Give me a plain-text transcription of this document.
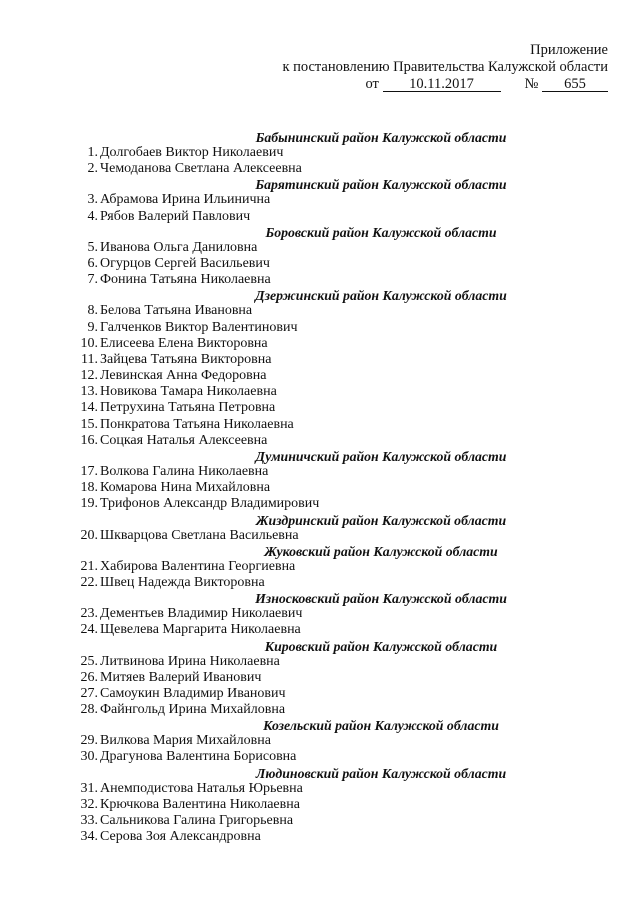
Приложение
к постановлению Правительства Калужской области
от 10.11.2017	№ 655
Бабынинский район Калужской области
1. Долгобаев Виктор Николаевич
2. Чемоданова Светлана Алексеевна
Барятинский район Калужской области
3. Абрамова Ирина Ильинична
4. Рябов Валерий Павлович
Боровский район Калужской области
5. Иванова Ольга Даниловна
6. Огурцов Сергей Васильевич
7. Фонина Татьяна Николаевна
Дзержинский район Калужской области
8. Белова Татьяна Ивановна
9. Галченков Виктор Валентинович
10. Елисеева Елена Викторовна
11. Зайцева Татьяна Викторовна
12. Левинская Анна Федоровна
13. Новикова Тамара Николаевна
14. Петрухина Татьяна Петровна
15. Понкратова Татьяна Николаевна
16. Соцкая Наталья Алексеевна
Думиничский район Калужской области
17. Волкова Галина Николаевна
18. Комарова Нина Михайловна
19. Трифонов Александр Владимирович
Жиздринский район Калужской области
20. Шкварцова Светлана Васильевна
Жуковский район Калужской области
21. Хабирова Валентина Георгиевна
22. Швец Надежда Викторовна
Износковский район Калужской области
23. Дементьев Владимир Николаевич
24. Щевелева Маргарита Николаевна
Кировский район Калужской области
25. Литвинова Ирина Николаевна
26. Митяев Валерий Иванович
27. Самоукин Владимир Иванович
28. Файнгольд Ирина Михайловна
Козельский район Калужской области
29. Вилкова Мария Михайловна
30. Драгунова Валентина Борисовна
Людиновский район Калужской области
31. Анемподистова Наталья Юрьевна
32. Крючкова Валентина Николаевна
33. Сальникова Галина Григорьевна
34. Серова Зоя Александровна
